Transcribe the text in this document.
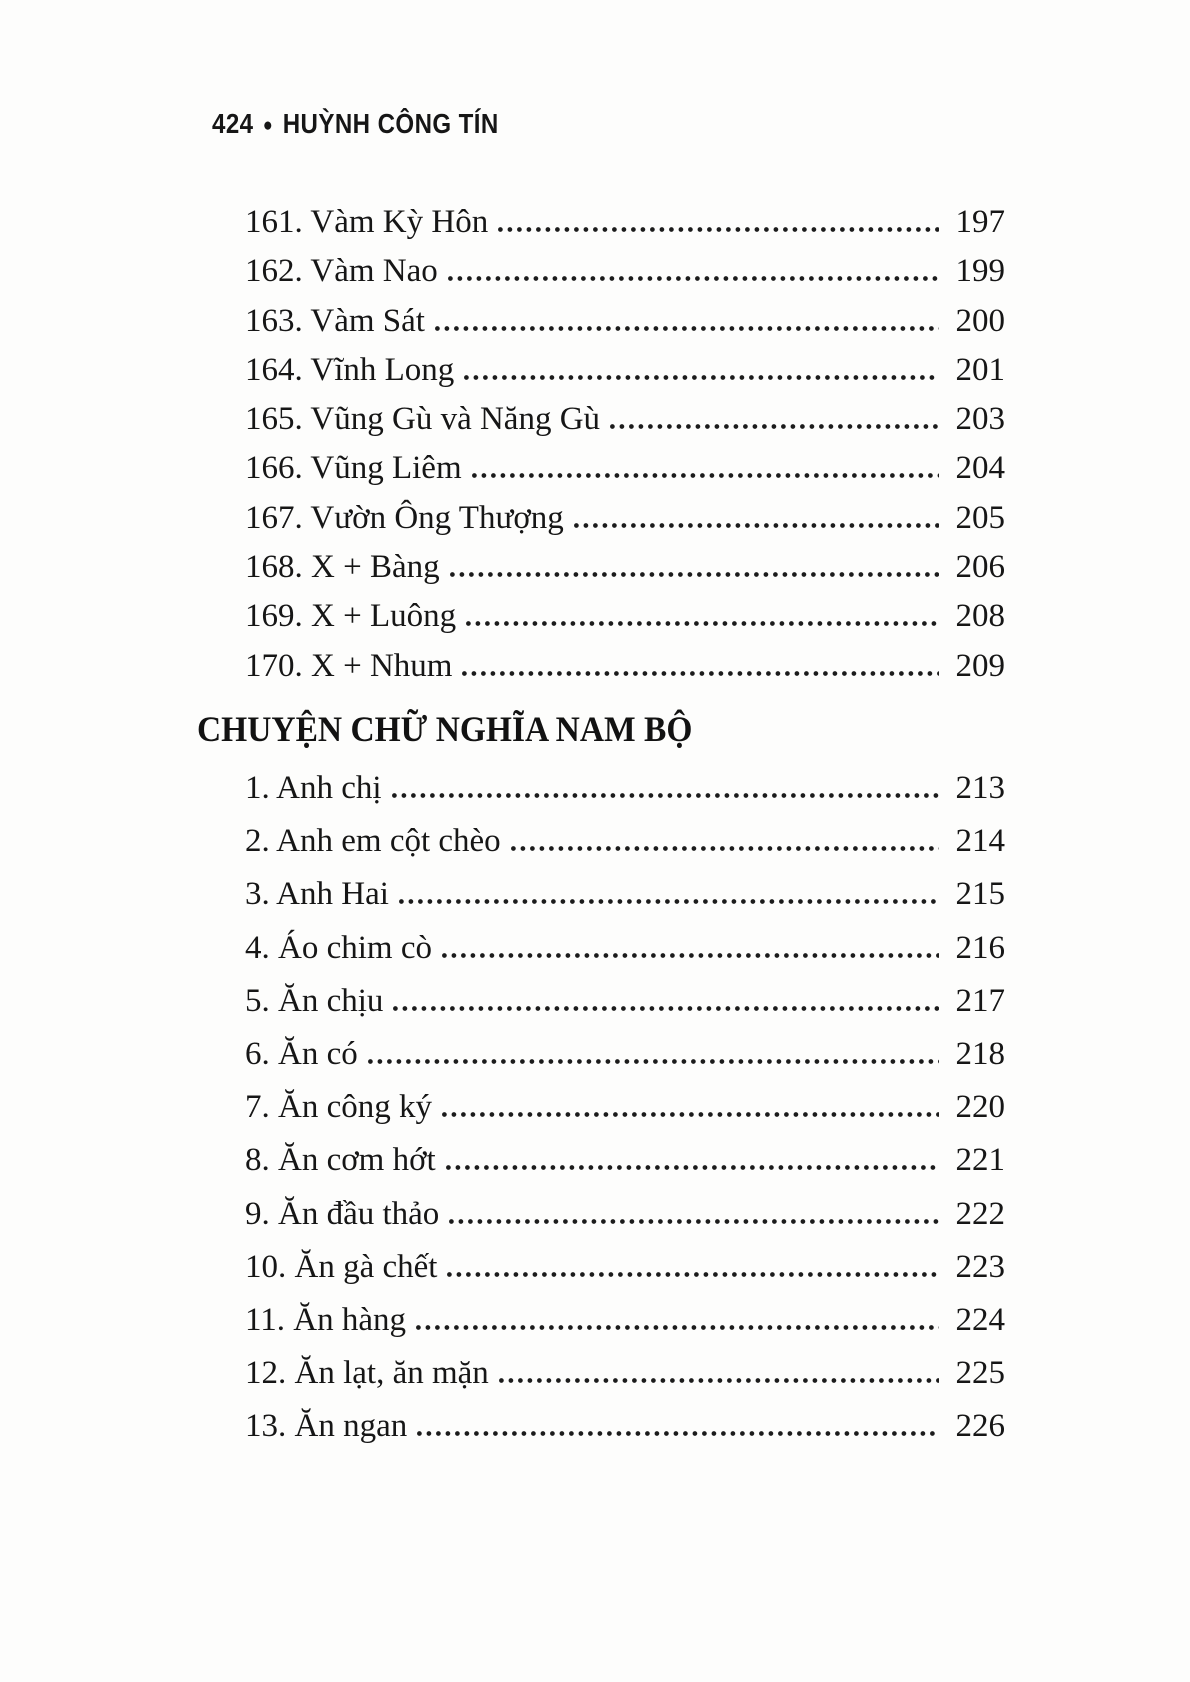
424 ● HUỲNH CÔNG TÍN
161. Vàm Kỳ Hôn	197
162. Vàm Nao	199
163. Vàm Sát	200
164. Vĩnh Long	201
165. Vũng Gù và Năng Gù	203
166. Vũng Liêm	204
167. Vườn Ông Thượng	205
168. X + Bàng	206
169. X + Luông	208
170. X + Nhum	209
CHUYỆN CHỮ NGHĨA NAM BỘ
1. Anh chị	213
2. Anh em cột chèo	214
3. Anh Hai	215
4. Áo chim cò	216
5. Ăn chịu	217
6. Ăn có	218
7. Ăn công ký	220
8. Ăn cơm hớt	221
9. Ăn đầu thảo	222
10. Ăn gà chết	223
11. Ăn hàng	224
12. Ăn lạt, ăn mặn	225
13. Ăn ngan	226
